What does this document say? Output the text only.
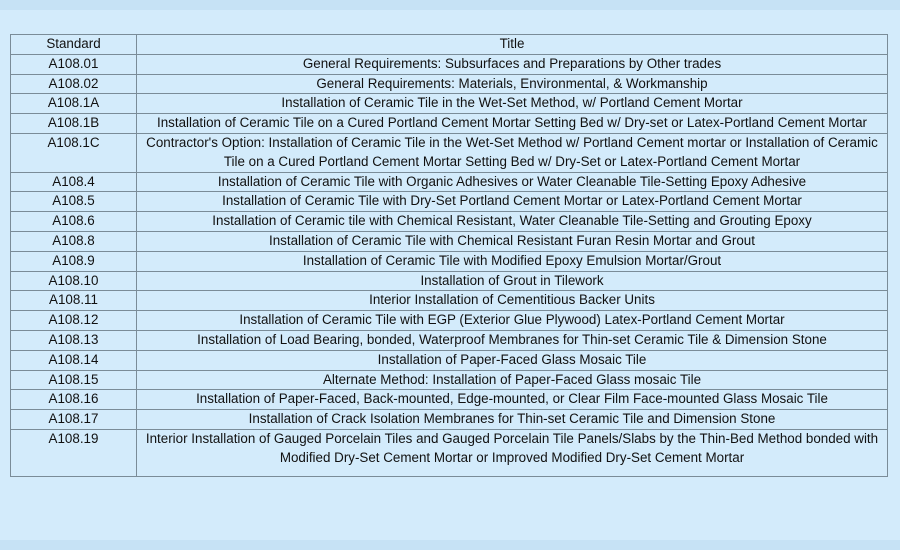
Standard	Title
A108.01	General Requirements: Subsurfaces and Preparations by Other trades
A108.02	General Requirements: Materials, Environmental, & Workmanship
A108.1A	Installation of Ceramic Tile in the Wet-Set Method, w/ Portland Cement Mortar
A108.1B	Installation of Ceramic Tile on a Cured Portland Cement Mortar Setting Bed w/ Dry-set or Latex-Portland Cement Mortar
A108.1C	Contractor's Option: Installation of Ceramic Tile in the Wet-Set Method w/ Portland Cement mortar or Installation of Ceramic Tile on a Cured Portland Cement Mortar Setting Bed w/ Dry-Set or Latex-Portland Cement Mortar
A108.4	Installation of Ceramic Tile with Organic Adhesives or Water Cleanable Tile-Setting Epoxy Adhesive
A108.5	Installation of Ceramic Tile with Dry-Set Portland Cement Mortar or Latex-Portland Cement Mortar
A108.6	Installation of Ceramic tile with Chemical Resistant, Water Cleanable Tile-Setting and Grouting Epoxy
A108.8	Installation of Ceramic Tile with Chemical Resistant Furan Resin Mortar and Grout
A108.9	Installation of Ceramic Tile with Modified Epoxy Emulsion Mortar/Grout
A108.10	Installation of Grout in Tilework
A108.11	Interior Installation of Cementitious Backer Units
A108.12	Installation of Ceramic Tile with EGP (Exterior Glue Plywood) Latex-Portland Cement Mortar
A108.13	Installation of Load Bearing, bonded, Waterproof Membranes for Thin-set Ceramic Tile & Dimension Stone
A108.14	Installation of Paper-Faced Glass Mosaic Tile
A108.15	Alternate Method: Installation of Paper-Faced Glass mosaic Tile
A108.16	Installation of Paper-Faced, Back-mounted, Edge-mounted, or Clear Film Face-mounted Glass Mosaic Tile
A108.17	Installation of Crack Isolation Membranes for Thin-set Ceramic Tile and Dimension Stone
A108.19	Interior Installation of Gauged Porcelain Tiles and Gauged Porcelain Tile Panels/Slabs by the Thin-Bed Method bonded with Modified Dry-Set Cement Mortar or Improved Modified Dry-Set Cement Mortar
